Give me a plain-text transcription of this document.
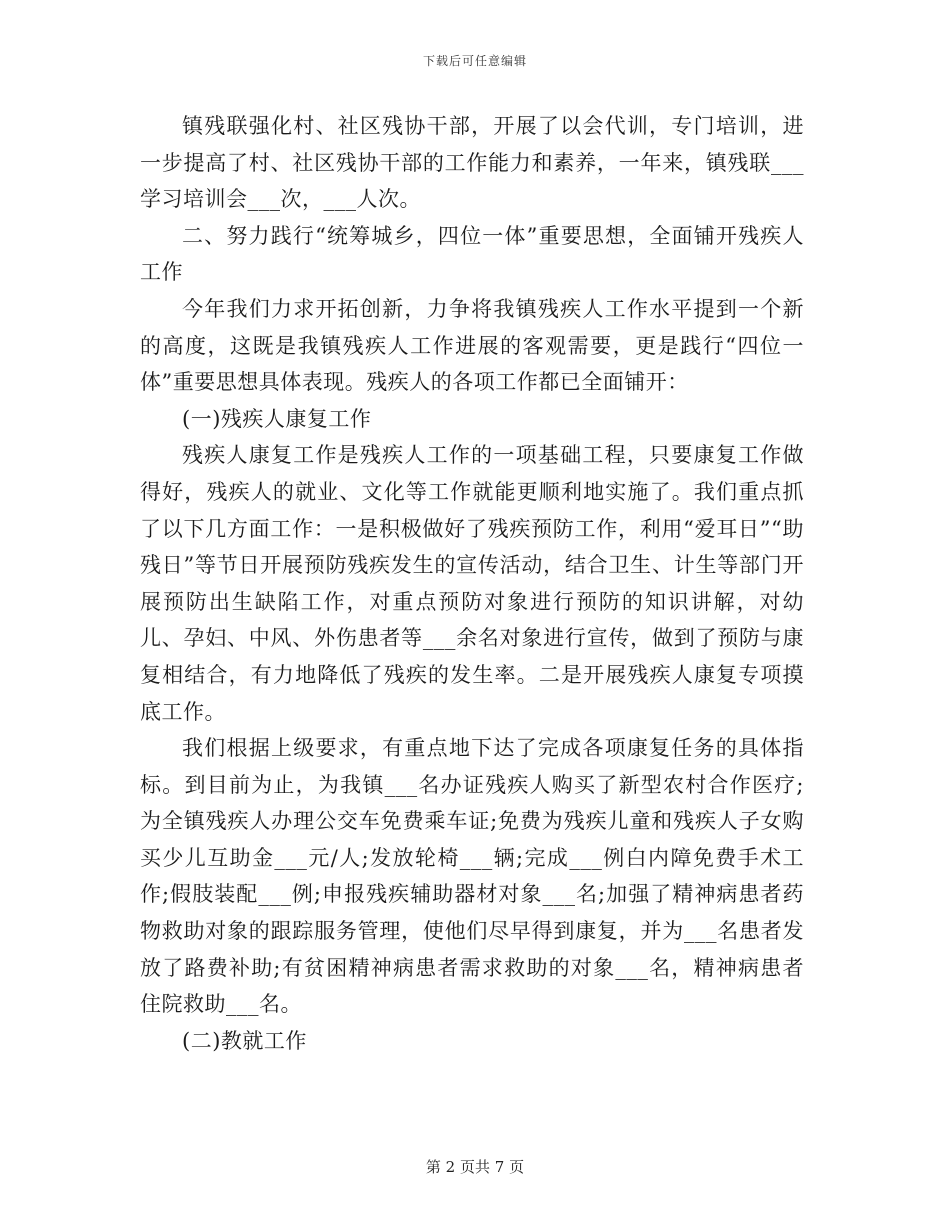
下载后可任意编辑

镇残联强化村、社区残协干部，开展了以会代训，专门培训，进一步提高了村、社区残协干部的工作能力和素养，一年来，镇残联___学习培训会___次，___人次。

二、努力践行“统筹城乡，四位一体”重要思想，全面铺开残疾人工作

今年我们力求开拓创新，力争将我镇残疾人工作水平提到一个新的高度，这既是我镇残疾人工作进展的客观需要，更是践行“四位一体”重要思想具体表现。残疾人的各项工作都已全面铺开：

(一)残疾人康复工作

残疾人康复工作是残疾人工作的一项基础工程，只要康复工作做得好，残疾人的就业、文化等工作就能更顺利地实施了。我们重点抓了以下几方面工作：一是积极做好了残疾预防工作，利用“爱耳日”“助残日”等节日开展预防残疾发生的宣传活动，结合卫生、计生等部门开展预防出生缺陷工作，对重点预防对象进行预防的知识讲解，对幼儿、孕妇、中风、外伤患者等___余名对象进行宣传，做到了预防与康复相结合，有力地降低了残疾的发生率。二是开展残疾人康复专项摸底工作。

我们根据上级要求，有重点地下达了完成各项康复任务的具体指标。到目前为止，为我镇___名办证残疾人购买了新型农村合作医疗;为全镇残疾人办理公交车免费乘车证;免费为残疾儿童和残疾人子女购买少儿互助金___元/人;发放轮椅___辆;完成___例白内障免费手术工作;假肢装配___例;申报残疾辅助器材对象___名;加强了精神病患者药物救助对象的跟踪服务管理，使他们尽早得到康复，并为___名患者发放了路费补助;有贫困精神病患者需求救助的对象___名，精神病患者住院救助___名。

(二)教就工作

第 2 页共 7 页
